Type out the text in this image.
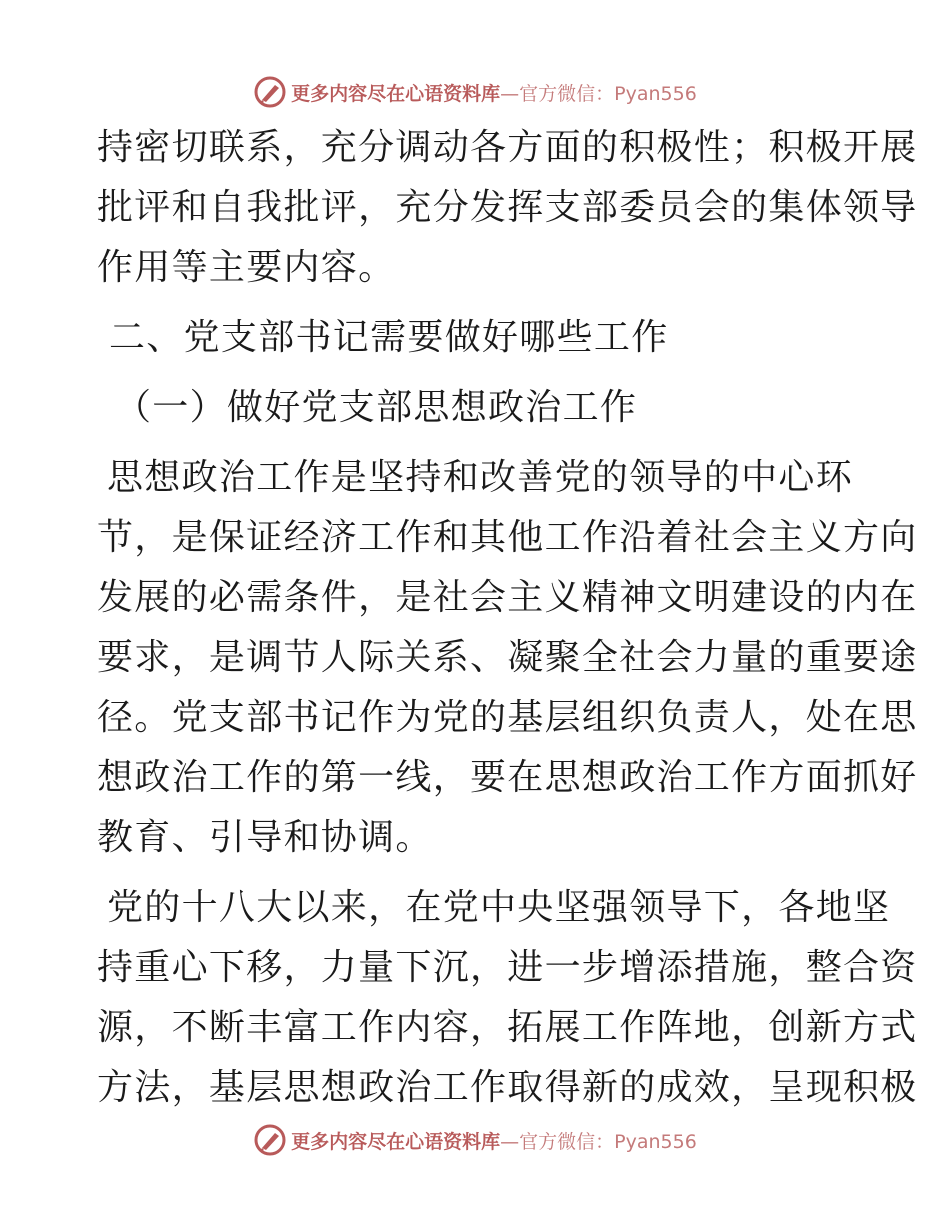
更多内容尽在心语资料库—官方微信：Pyan556
持密切联系，充分调动各方面的积极性；积极开展
批评和自我批评，充分发挥支部委员会的集体领导
作用等主要内容。
二、党支部书记需要做好哪些工作
（一）做好党支部思想政治工作
思想政治工作是坚持和改善党的领导的中心环
节，是保证经济工作和其他工作沿着社会主义方向
发展的必需条件，是社会主义精神文明建设的内在
要求，是调节人际关系、凝聚全社会力量的重要途
径。党支部书记作为党的基层组织负责人，处在思
想政治工作的第一线，要在思想政治工作方面抓好
教育、引导和协调。
党的十八大以来，在党中央坚强领导下，各地坚
持重心下移，力量下沉，进一步增添措施，整合资
源，不断丰富工作内容，拓展工作阵地，创新方式
方法，基层思想政治工作取得新的成效，呈现积极
更多内容尽在心语资料库—官方微信：Pyan556
